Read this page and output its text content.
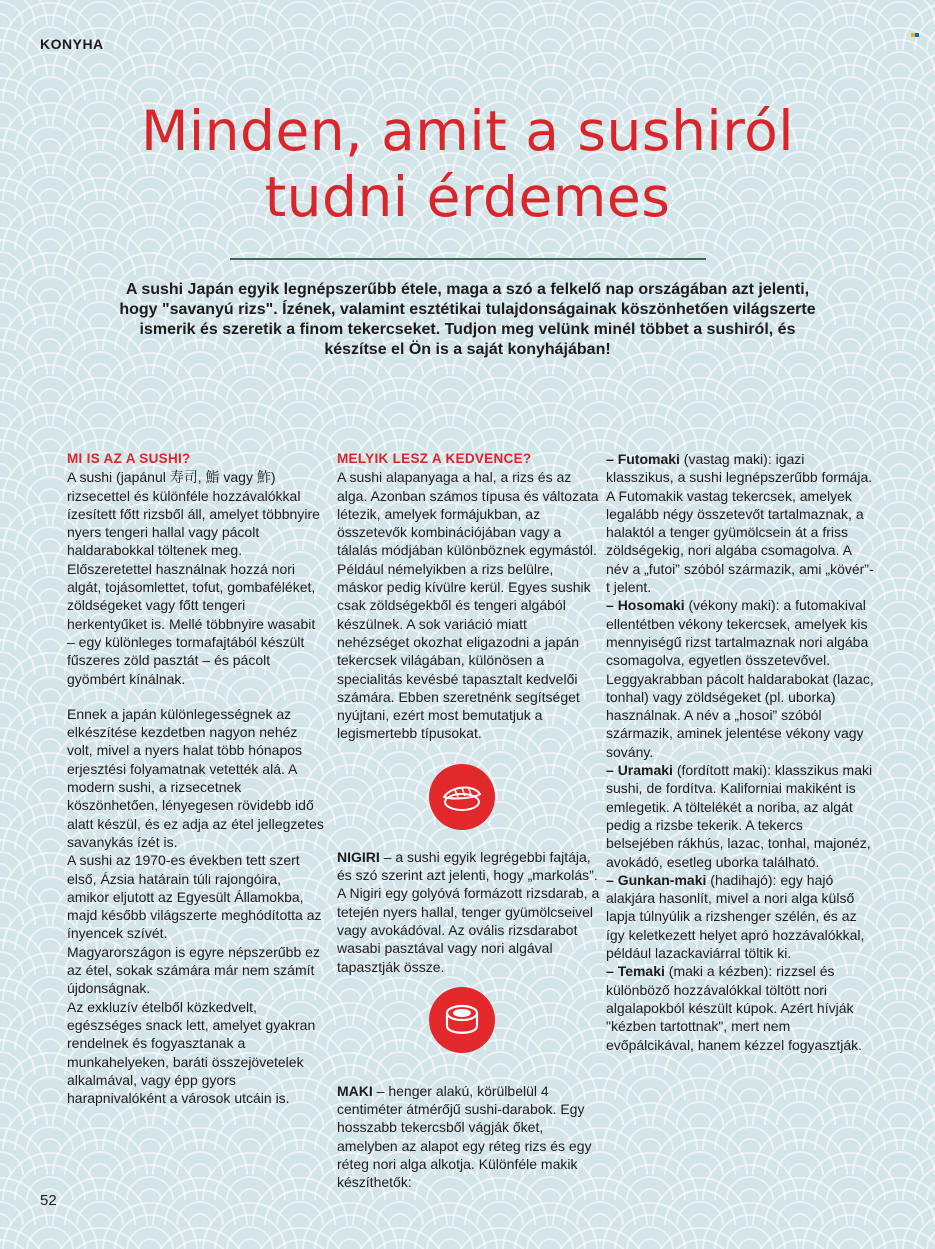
KONYHA
Minden, amit a sushiról
tudni érdemes

A sushi Japán egyik legnépszerűbb étele, maga a szó a felkelő nap országában azt jelenti, hogy "savanyú rizs". Ízének, valamint esztétikai tulajdonságainak köszönhetően világszerte ismerik és szeretik a finom tekercseket. Tudjon meg velünk minél többet a sushiról, és készítse el Ön is a saját konyhájában!

MI IS AZ A SUSHI?

A sushi (japánul 寿司, 鮨 vagy 鮓) rizsecettel és különféle hozzávalókkal ízesített főtt rizsből áll, amelyet többnyire nyers tengeri hallal vagy pácolt haldarabokkal töltenek meg. Előszeretettel használnak hozzá nori algát, tojásomlettet, tofut, gombaféléket, zöldségeket vagy főtt tengeri herkentyűket is. Mellé többnyire wasabit – egy különleges tormafajtából készült fűszeres zöld pasztát – és pácolt gyömbért kínálnak.

Ennek a japán különlegességnek az elkészítése kezdetben nagyon nehéz volt, mivel a nyers halat több hónapos erjesztési folyamatnak vetették alá. A modern sushi, a rizsecetnek köszönhetően, lényegesen rövidebb idő alatt készül, és ez adja az étel jellegzetes savanykás ízét is.

A sushi az 1970-es években tett szert első, Ázsia határain túli rajongóira, amikor eljutott az Egyesült Államokba, majd később világszerte meghódította az ínyencek szívét.

Magyarországon is egyre népszerűbb ez az étel, sokak számára már nem számít újdonságnak.

Az exkluzív ételből közkedvelt, egészséges snack lett, amelyet gyakran rendelnek és fogyasztanak a munkahelyeken, baráti összejövetelek alkalmával, vagy épp gyors harapnivalóként a városok utcáin is.

MELYIK LESZ A KEDVENCE?

A sushi alapanyaga a hal, a rizs és az alga. Azonban számos típusa és változata létezik, amelyek formájukban, az összetevők kombinációjában vagy a tálalás módjában különböznek egymástól. Például némelyikben a rizs belülre, máskor pedig kívülre kerül. Egyes sushik csak zöldségekből és tengeri algából készülnek. A sok variáció miatt nehézséget okozhat eligazodni a japán tekercsek világában, különösen a specialitás kevésbé tapasztalt kedvelői számára. Ebben szeretnénk segítséget nyújtani, ezért most bemutatjuk a legismertebb típusokat.

NIGIRI – a sushi egyik legrégebbi fajtája, és szó szerint azt jelenti, hogy „markolás”. A Nigiri egy golyóvá formázott rizsdarab, a tetején nyers hallal, tenger gyümölcseivel vagy avokádóval. Az ovális rizsdarabot wasabi pasztával vagy nori algával tapasztják össze.

MAKI – henger alakú, körülbelül 4 centiméter átmérőjű sushi-darabok. Egy hosszabb tekercsből vágják őket, amelyben az alapot egy réteg rizs és egy réteg nori alga alkotja. Különféle makik készíthetők:

– Futomaki (vastag maki): igazi klasszikus, a sushi legnépszerűbb formája. A Futomakik vastag tekercsek, amelyek legalább négy összetevőt tartalmaznak, a halaktól a tenger gyümölcsein át a friss zöldségekig, nori algába csomagolva. A név a „futoi” szóból származik, ami „kövér”-t jelent.

– Hosomaki (vékony maki): a futomakival ellentétben vékony tekercsek, amelyek kis mennyiségű rizst tartalmaznak nori algába csomagolva, egyetlen összetevővel. Leggyakrabban pácolt haldarabokat (lazac, tonhal) vagy zöldségeket (pl. uborka) használnak. A név a „hosoi” szóból származik, aminek jelentése vékony vagy sovány.

– Uramaki (fordított maki): klasszikus maki sushi, de fordítva. Kaliforniai makiként is emlegetik. A töltelékét a noriba, az algát pedig a rizsbe tekerik. A tekercs belsejében rákhús, lazac, tonhal, majonéz, avokádó, esetleg uborka található.

– Gunkan-maki (hadihajó): egy hajó alakjára hasonlít, mivel a nori alga külső lapja túlnyúlik a rizshenger szélén, és az így keletkezett helyet apró hozzávalókkal, például lazackaviárral töltik ki.

– Temaki (maki a kézben): rizzsel és különböző hozzávalókkal töltött nori algalapokból készült kúpok. Azért hívják "kézben tartottnak", mert nem evőpálcikával, hanem kézzel fogyasztják.

52
